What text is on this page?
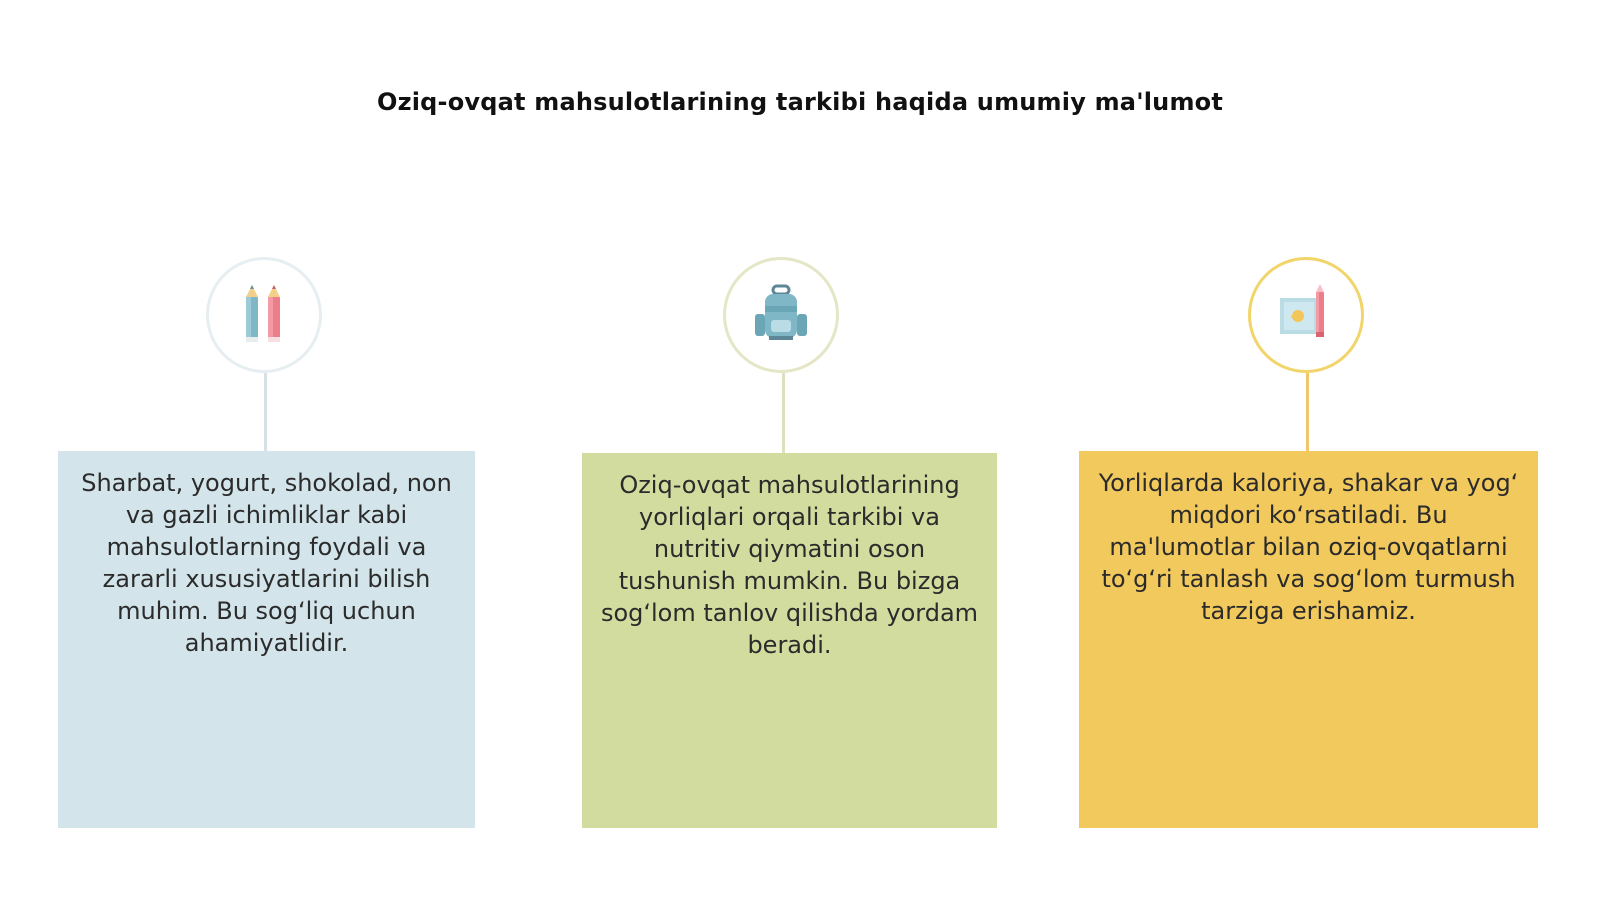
Oziq-ovqat mahsulotlarining tarkibi haqida umumiy ma'lumot
Sharbat, yogurt, shokolad, non va gazli ichimliklar kabi mahsulotlarning foydali va zararli xususiyatlarini bilish muhim. Bu sog‘liq uchun ahamiyatlidir.
Oziq-ovqat mahsulotlarining yorliqlari orqali tarkibi va nutritiv qiymatini oson tushunish mumkin. Bu bizga sog‘lom tanlov qilishda yordam beradi.
Yorliqlarda kaloriya, shakar va yog‘ miqdori ko‘rsatiladi. Bu ma'lumotlar bilan oziq-ovqatlarni to‘g‘ri tanlash va sog‘lom turmush tarziga erishamiz.
